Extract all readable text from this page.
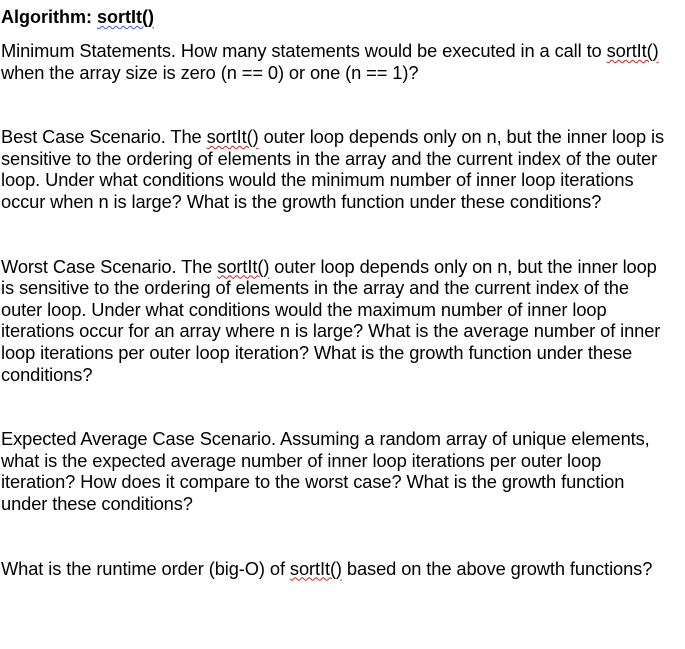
Algorithm: sortIt()

Minimum Statements. How many statements would be executed in a call to sortIt() when the array size is zero (n == 0) or one (n == 1)?

Best Case Scenario. The sortIt() outer loop depends only on n, but the inner loop is sensitive to the ordering of elements in the array and the current index of the outer loop. Under what conditions would the minimum number of inner loop iterations occur when n is large? What is the growth function under these conditions?

Worst Case Scenario. The sortIt() outer loop depends only on n, but the inner loop is sensitive to the ordering of elements in the array and the current index of the outer loop. Under what conditions would the maximum number of inner loop iterations occur for an array where n is large? What is the average number of inner loop iterations per outer loop iteration? What is the growth function under these conditions?

Expected Average Case Scenario. Assuming a random array of unique elements, what is the expected average number of inner loop iterations per outer loop iteration? How does it compare to the worst case? What is the growth function under these conditions?

What is the runtime order (big-O) of sortIt() based on the above growth functions?
